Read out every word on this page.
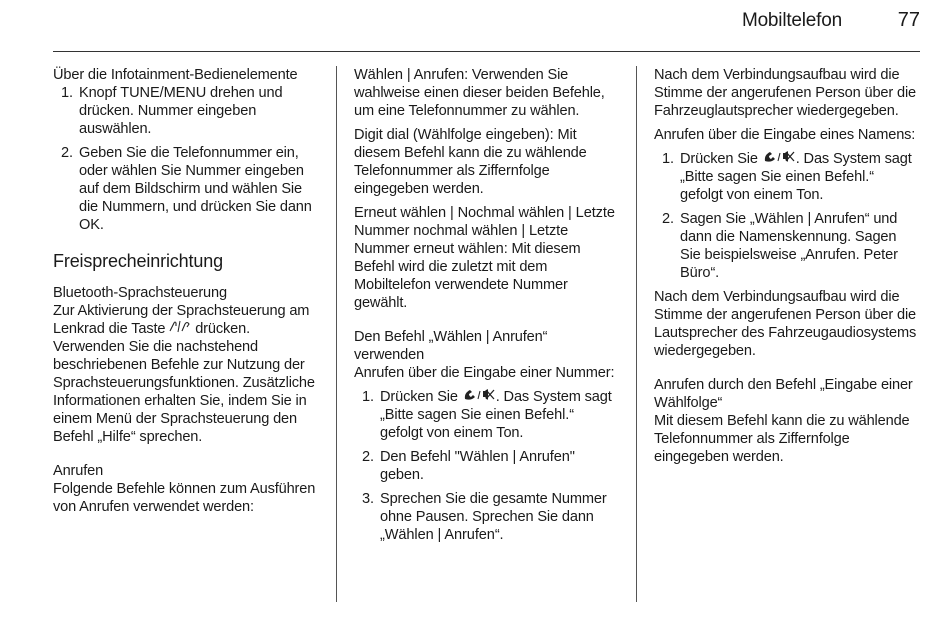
Mobiltelefon	77

Über die Infotainment-Bedienelemente

1. Knopf TUNE/MENU drehen und drücken. Nummer eingeben auswählen.
2. Geben Sie die Telefonnummer ein, oder wählen Sie Nummer eingeben auf dem Bildschirm und wählen Sie die Nummern, und drücken Sie dann OK.

Freisprecheinrichtung

Bluetooth-Sprachsteuerung

Zur Aktivierung der Sprachsteuerung am Lenkrad die Taste  drücken. Verwenden Sie die nachstehend beschriebenen Befehle zur Nutzung der Sprachsteuerungsfunktionen. Zusätzliche Informationen erhalten Sie, indem Sie in einem Menü der Sprachsteuerung den Befehl „Hilfe“ sprechen.

Anrufen

Folgende Befehle können zum Ausführen von Anrufen verwendet werden:

Wählen | Anrufen: Verwenden Sie wahlweise einen dieser beiden Befehle, um eine Telefonnummer zu wählen.

Digit dial (Wählfolge eingeben): Mit diesem Befehl kann die zu wählende Telefonnummer als Ziffernfolge eingegeben werden.

Erneut wählen | Nochmal wählen | Letzte Nummer nochmal wählen | Letzte Nummer erneut wählen: Mit diesem Befehl wird die zuletzt mit dem Mobiltelefon verwendete Nummer gewählt.

Den Befehl „Wählen | Anrufen“ verwenden

Anrufen über die Eingabe einer Nummer:

1. Drücken Sie . Das System sagt „Bitte sagen Sie einen Befehl.“ gefolgt von einem Ton.
2. Den Befehl "Wählen | Anrufen" geben.
3. Sprechen Sie die gesamte Nummer ohne Pausen. Sprechen Sie dann „Wählen | Anrufen“.

Nach dem Verbindungsaufbau wird die Stimme der angerufenen Person über die Fahrzeuglautsprecher wiedergegeben.

Anrufen über die Eingabe eines Namens:

1. Drücken Sie . Das System sagt „Bitte sagen Sie einen Befehl.“ gefolgt von einem Ton.
2. Sagen Sie „Wählen | Anrufen“ und dann die Namenskennung. Sagen Sie beispielsweise „Anrufen. Peter Büro“.

Nach dem Verbindungsaufbau wird die Stimme der angerufenen Person über die Lautsprecher des Fahrzeugaudiosystems wiedergegeben.

Anrufen durch den Befehl „Eingabe einer Wählfolge“

Mit diesem Befehl kann die zu wählende Telefonnummer als Ziffernfolge eingegeben werden.
